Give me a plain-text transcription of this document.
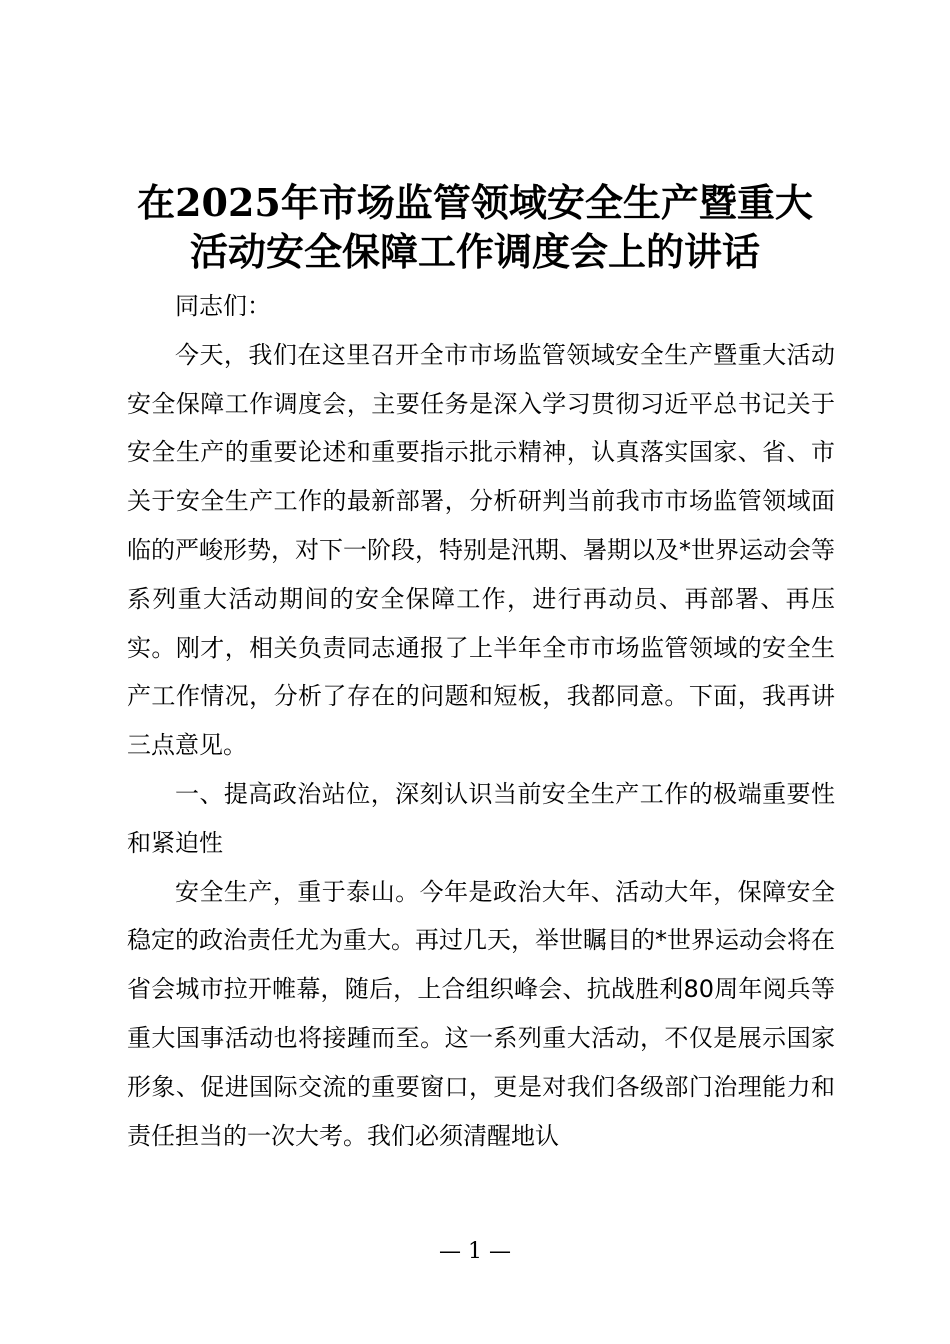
在2025年市场监管领域安全生产暨重大活动安全保障工作调度会上的讲话

同志们：

今天，我们在这里召开全市市场监管领域安全生产暨重大活动安全保障工作调度会，主要任务是深入学习贯彻习近平总书记关于安全生产的重要论述和重要指示批示精神，认真落实国家、省、市关于安全生产工作的最新部署，分析研判当前我市市场监管领域面临的严峻形势，对下一阶段，特别是汛期、暑期以及*世界运动会等系列重大活动期间的安全保障工作，进行再动员、再部署、再压实。刚才，相关负责同志通报了上半年全市市场监管领域的安全生产工作情况，分析了存在的问题和短板，我都同意。下面，我再讲三点意见。

一、提高政治站位，深刻认识当前安全生产工作的极端重要性和紧迫性

安全生产，重于泰山。今年是政治大年、活动大年，保障安全稳定的政治责任尤为重大。再过几天，举世瞩目的*世界运动会将在省会城市拉开帷幕，随后，上合组织峰会、抗战胜利80周年阅兵等重大国事活动也将接踵而至。这一系列重大活动，不仅是展示国家形象、促进国际交流的重要窗口，更是对我们各级部门治理能力和责任担当的一次大考。我们必须清醒地认

— 1 —
